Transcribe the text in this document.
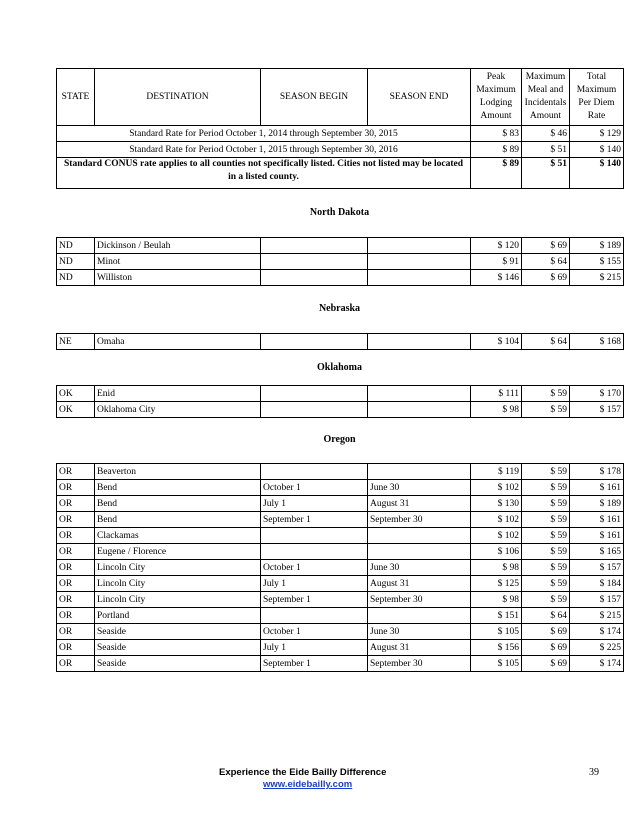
STATE	DESTINATION	SEASON BEGIN	SEASON END	Peak
Maximum
Lodging
Amount	Maximum
Meal and
Incidentals
Amount	Total
Maximum
Per Diem
Rate
Standard Rate for Period October 1, 2014 through September 30, 2015				$ 83	$ 46	$ 129
Standard Rate for Period October 1, 2015 through September 30, 2016				$ 89	$ 51	$ 140
Standard CONUS rate applies to all counties not specifically listed. Cities not listed may be located in a listed county.				$ 89	$ 51	$ 140
North Dakota
Nebraska
Oklahoma
Oregon
ND	Dickinson / Beulah			$ 120	$ 69	$ 189
ND	Minot			$ 91	$ 64	$ 155
ND	Williston			$ 146	$ 69	$ 215
NE	Omaha			$ 104	$ 64	$ 168
OK	Enid			$ 111	$ 59	$ 170
OK	Oklahoma City			$ 98	$ 59	$ 157
OR	Beaverton			$ 119	$ 59	$ 178
OR	Bend	October 1	June 30	$ 102	$ 59	$ 161
OR	Bend	July 1	August 31	$ 130	$ 59	$ 189
OR	Bend	September 1	September 30	$ 102	$ 59	$ 161
OR	Clackamas			$ 102	$ 59	$ 161
OR	Eugene / Florence			$ 106	$ 59	$ 165
OR	Lincoln City	October 1	June 30	$ 98	$ 59	$ 157
OR	Lincoln City	July 1	August 31	$ 125	$ 59	$ 184
OR	Lincoln City	September 1	September 30	$ 98	$ 59	$ 157
OR	Portland			$ 151	$ 64	$ 215
OR	Seaside	October 1	June 30	$ 105	$ 69	$ 174
OR	Seaside	July 1	August 31	$ 156	$ 69	$ 225
OR	Seaside	September 1	September 30	$ 105	$ 69	$ 174
Experience the Eide Bailly Difference
www.eidebailly.com
39
